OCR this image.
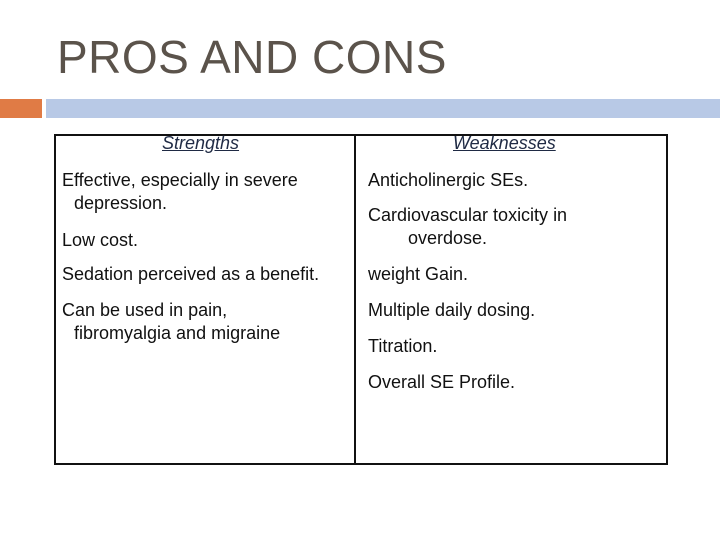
PROS AND CONS
Strengths	Weaknesses
Effective, especially in severe
depression.
Low cost.
Sedation perceived as a benefit.
Can be used in pain,
fibromyalgia and migraine
Anticholinergic SEs.
Cardiovascular toxicity in
overdose.
weight Gain.
Multiple daily dosing.
Titration.
Overall SE Profile.
